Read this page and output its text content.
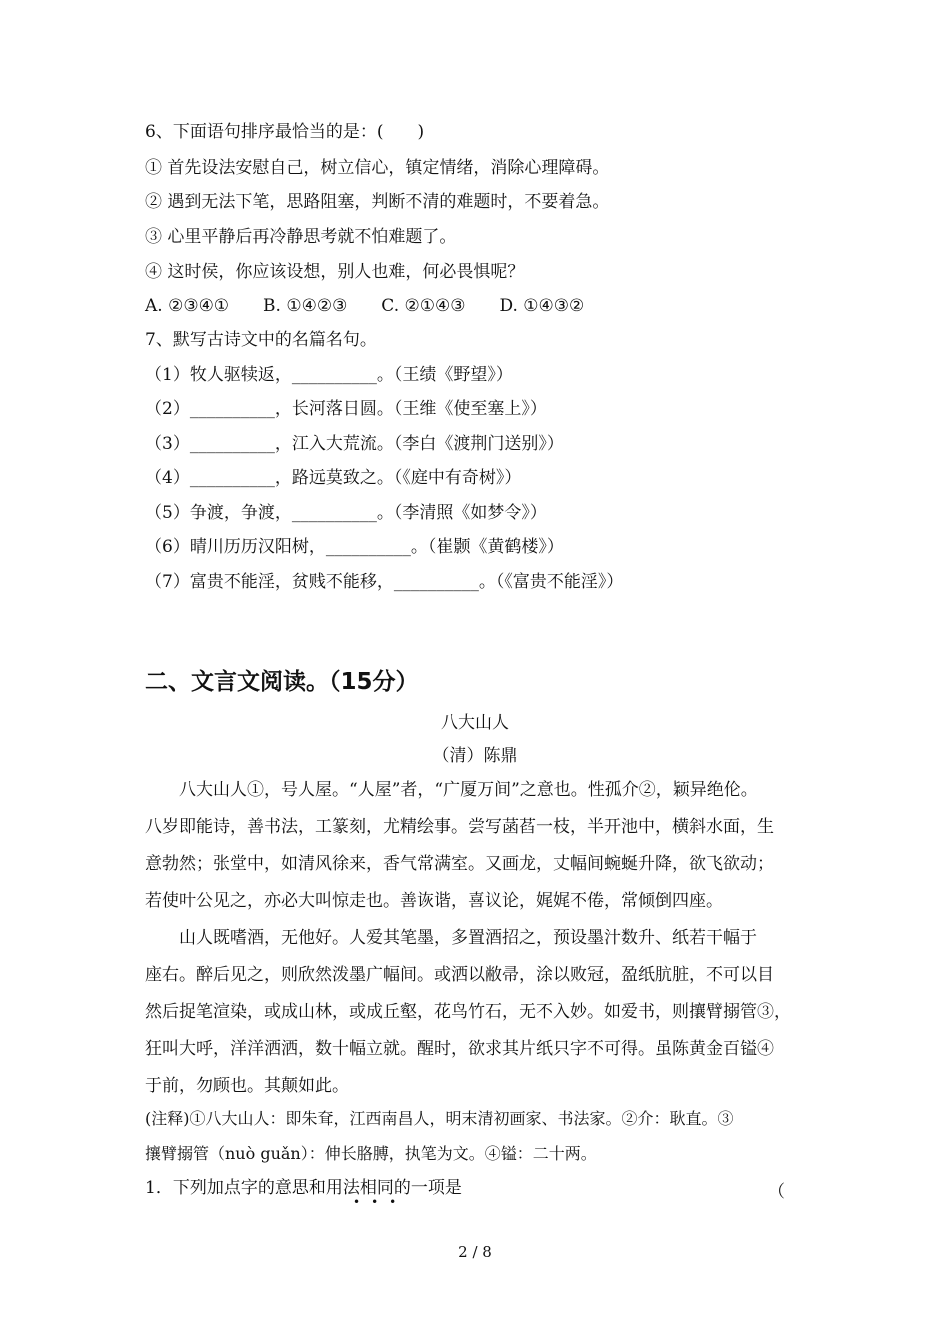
6、下面语句排序最恰当的是：(　　)
① 首先设法安慰自己，树立信心，镇定情绪，消除心理障碍。
② 遇到无法下笔，思路阻塞，判断不清的难题时，不要着急。
③ 心里平静后再冷静思考就不怕难题了。
④ 这时侯，你应该设想，别人也难，何必畏惧呢？
A. ②③④①　　B. ①④②③　　C. ②①④③　　D. ①④③②
7、默写古诗文中的名篇名句。
（1）牧人驱犊返，__________。（王绩《野望》）
（2）__________，长河落日圆。（王维《使至塞上》）
（3）__________，江入大荒流。（李白《渡荆门送别》）
（4）__________，路远莫致之。（《庭中有奇树》）
（5）争渡，争渡，__________。（李清照《如梦令》）
（6）晴川历历汉阳树，__________。（崔颢《黄鹤楼》）
（7）富贵不能淫，贫贱不能移，__________。（《富贵不能淫》）
二、文言文阅读。（15分）
八大山人
（清）陈鼎
　　八大山人①，号人屋。“人屋”者，“广厦万间”之意也。性孤介②，颖异绝伦。
八岁即能诗，善书法，工篆刻，尤精绘事。尝写菡萏一枝，半开池中，横斜水面，生
意勃然；张堂中，如清风徐来，香气常满室。又画龙，丈幅间蜿蜒升降，欲飞欲动；
若使叶公见之，亦必大叫惊走也。善诙谐，喜议论，娓娓不倦，常倾倒四座。
　　山人既嗜酒，无他好。人爱其笔墨，多置酒招之，预设墨汁数升、纸若干幅于
座右。醉后见之，则欣然泼墨广幅间。或洒以敝帚，涂以败冠，盈纸肮脏，不可以目
然后捉笔渲染，或成山林，或成丘壑，花鸟竹石，无不入妙。如爱书，则攘臂搦管③，
狂叫大呼，洋洋洒洒，数十幅立就。醒时，欲求其片纸只字不可得。虽陈黄金百镒④
于前，勿顾也。其颠如此。
(注释)①八大山人：即朱耷，江西南昌人，明末清初画家、书法家。②介：耿直。③
攘臂搦管（nuò guǎn）：伸长胳膊，执笔为文。④镒：二十两。
1．下列加点字的意思和用法相同的一项是
•••	（
2 / 8
